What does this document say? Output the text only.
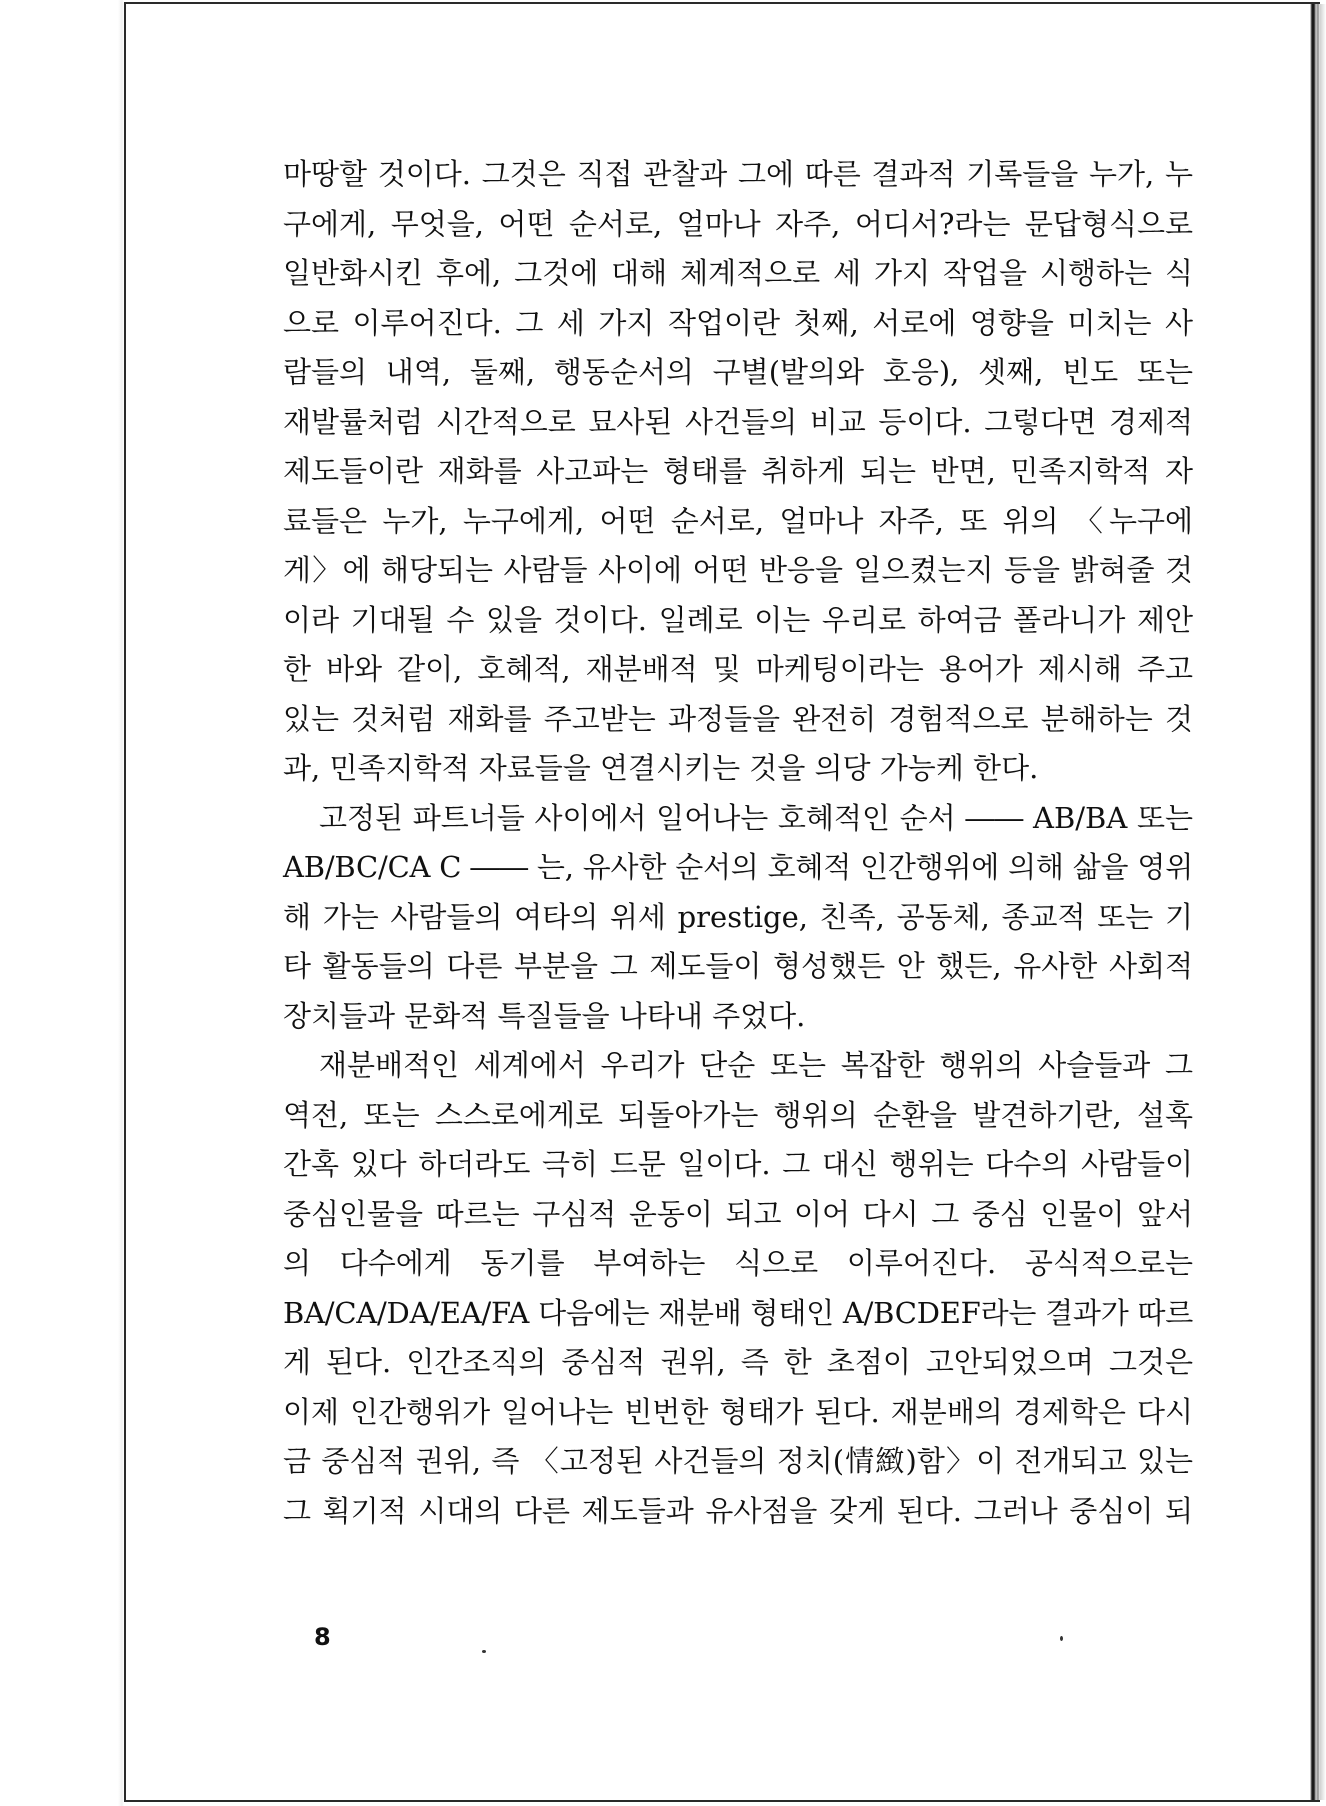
마땅할 것이다. 그것은 직접 관찰과 그에 따른 결과적 기록들을 누가, 누
구에게, 무엇을, 어떤 순서로, 얼마나 자주, 어디서?라는 문답형식으로
일반화시킨 후에, 그것에 대해 체계적으로 세 가지 작업을 시행하는 식
으로 이루어진다. 그 세 가지 작업이란 첫째, 서로에 영향을 미치는 사
람들의 내역, 둘째, 행동순서의 구별(발의와 호응), 셋째, 빈도 또는
재발률처럼 시간적으로 묘사된 사건들의 비교 등이다. 그렇다면 경제적
제도들이란 재화를 사고파는 형태를 취하게 되는 반면, 민족지학적 자
료들은 누가, 누구에게, 어떤 순서로, 얼마나 자주, 또 위의 〈누구에
게〉에 해당되는 사람들 사이에 어떤 반응을 일으켰는지 등을 밝혀줄 것
이라 기대될 수 있을 것이다. 일례로 이는 우리로 하여금 폴라니가 제안
한 바와 같이, 호혜적, 재분배적 및 마케팅이라는 용어가 제시해 주고
있는 것처럼 재화를 주고받는 과정들을 완전히 경험적으로 분해하는 것
과, 민족지학적 자료들을 연결시키는 것을 의당 가능케 한다.

고정된 파트너들 사이에서 일어나는 호혜적인 순서 ―― AB/BA 또는
AB/BC/CA C ―― 는, 유사한 순서의 호혜적 인간행위에 의해 삶을 영위
해 가는 사람들의 여타의 위세 prestige, 친족, 공동체, 종교적 또는 기
타 활동들의 다른 부분을 그 제도들이 형성했든 안 했든, 유사한 사회적
장치들과 문화적 특질들을 나타내 주었다.

재분배적인 세계에서 우리가 단순 또는 복잡한 행위의 사슬들과 그
역전, 또는 스스로에게로 되돌아가는 행위의 순환을 발견하기란, 설혹
간혹 있다 하더라도 극히 드문 일이다. 그 대신 행위는 다수의 사람들이
중심인물을 따르는 구심적 운동이 되고 이어 다시 그 중심 인물이 앞서
의 다수에게 동기를 부여하는 식으로 이루어진다. 공식적으로는
BA/CA/DA/EA/FA 다음에는 재분배 형태인 A/BCDEF라는 결과가 따르
게 된다. 인간조직의 중심적 권위, 즉 한 초점이 고안되었으며 그것은
이제 인간행위가 일어나는 빈번한 형태가 된다. 재분배의 경제학은 다시
금 중심적 권위, 즉 〈고정된 사건들의 정치(情緻)함〉이 전개되고 있는
그 획기적 시대의 다른 제도들과 유사점을 갖게 된다. 그러나 중심이 되

8
